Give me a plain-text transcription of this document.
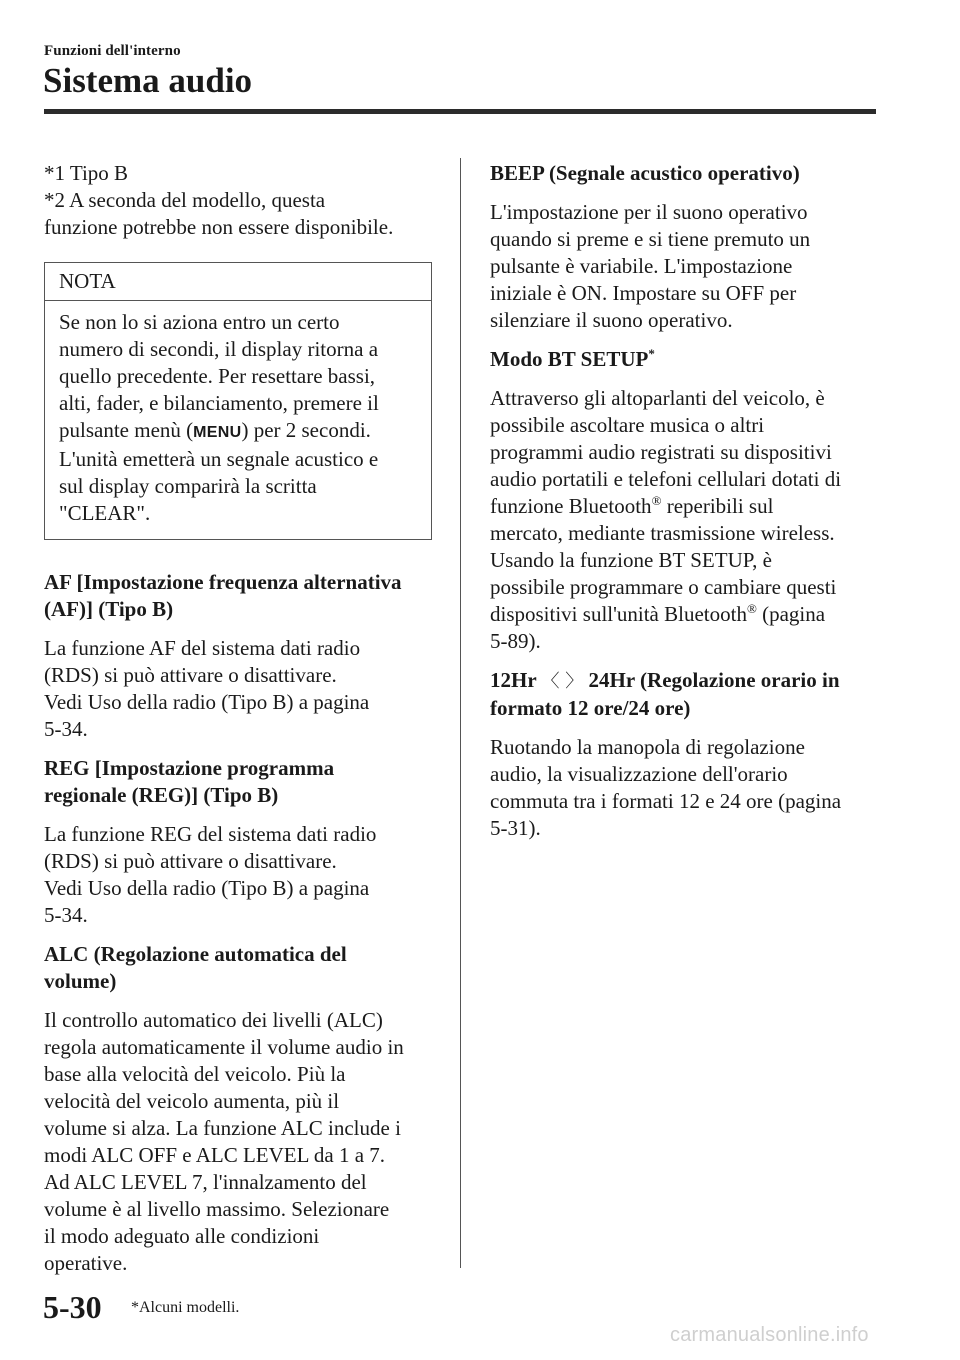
Funzioni dell'interno
Sistema audio

*1 Tipo B

*2 A seconda del modello, questa

funzione potrebbe non essere disponibile.

NOTA

Se non lo si aziona entro un certo

numero di secondi, il display ritorna a

quello precedente. Per resettare bassi,

alti, fader, e bilanciamento, premere il

pulsante menù (MENU) per 2 secondi.

L'unità emetterà un segnale acustico e

sul display comparirà la scritta

"CLEAR".

AF [Impostazione frequenza alternativa

(AF)] (Tipo B)

La funzione AF del sistema dati radio

(RDS) si può attivare o disattivare.

Vedi Uso della radio (Tipo B) a pagina

5-34.

REG [Impostazione programma

regionale (REG)] (Tipo B)

La funzione REG del sistema dati radio

(RDS) si può attivare o disattivare.

Vedi Uso della radio (Tipo B) a pagina

5-34.

ALC (Regolazione automatica del

volume)

Il controllo automatico dei livelli (ALC)

regola automaticamente il volume audio in

base alla velocità del veicolo. Più la

velocità del veicolo aumenta, più il

volume si alza. La funzione ALC include i

modi ALC OFF e ALC LEVEL da 1 a 7.

Ad ALC LEVEL 7, l'innalzamento del

volume è al livello massimo. Selezionare

il modo adeguato alle condizioni

operative.

BEEP (Segnale acustico operativo)

L'impostazione per il suono operativo

quando si preme e si tiene premuto un

pulsante è variabile. L'impostazione

iniziale è ON. Impostare su OFF per

silenziare il suono operativo.

Modo BT SETUP*

Attraverso gli altoparlanti del veicolo, è

possibile ascoltare musica o altri

programmi audio registrati su dispositivi

audio portatili e telefoni cellulari dotati di

funzione Bluetooth® reperibili sul

mercato, mediante trasmissione wireless.

Usando la funzione BT SETUP, è

possibile programmare o cambiare questi

dispositivi sull'unità Bluetooth® (pagina

5-89).

12Hr 〈 〉 24Hr (Regolazione orario in

formato 12 ore/24 ore)

Ruotando la manopola di regolazione

audio, la visualizzazione dell'orario

commuta tra i formati 12 e 24 ore (pagina

5-31).

5-30 *Alcuni modelli.
carmanualsonline.info
